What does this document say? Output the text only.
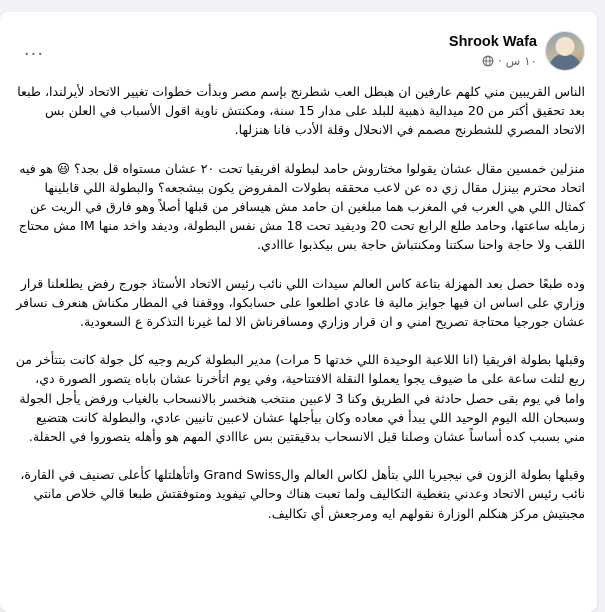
Shrook Wafa
١٠ س
·
···

الناس القريبين مني كلهم عارفين ان هبطل العب شطرنج بإسم مصر وبدأت خطوات تغيير الاتحاد لأيرلندا، طبعا بعد تحقيق أكتر من 20 ميدالية ذهبية للبلد على مدار 15 سنة، ومكنتش ناوية اقول الأسباب في العلن بس الاتحاد المصري للشطرنج مصمم في الانحلال وقلة الأدب فانا هنزلها.

منزلين خمسين مقال عشان يقولوا مختاروش حامد لبطولة افريقيا تحت ٢٠ عشان مستواه قل بجد؟ 😃 هو فيه اتحاد محترم بينزل مقال زي ده عن لاعب محققه بطولات المفروض يكون بيشجعه؟ والبطولة اللي قابلينها كمثال اللي هي العرب في المغرب هما مبلغين ان حامد مش هيسافر من قبلها أصلاً وهو فارق في الريت عن زمايله ساعتها، وحامد طلع الرابع تحت 20 وديفيد تحت 18 مش نفس البطولة، وديفد واخد منها IM مش محتاج اللقب ولا حاجة واحنا سكتنا ومكنتباش حاجة بس بيكذبوا عااادي.

وده طبعًا حصل بعد المهزلة بتاعة كاس العالم سيدات اللي نائب رئيس الاتحاد الأستاذ جورج رفض يطلعلنا قرار وزاري على اساس ان فيها جوايز مالية فا عادي اطلعوا على حسابكوا، ووقفنا في المطار مكناش هنعرف نسافر عشان جورجيا محتاجة تصريح امني و ان قرار وزاري ومسافرناش الا لما غيرنا التذكرة ع السعودية.

وقبلها بطولة افريقيا (انا اللاعبة الوحيدة اللي خدتها 5 مرات) مدير البطولة كريم وجيه كل جولة كانت بتتأخر من ربع لتلت ساعة على ما ضيوف يجوا يعملوا النقلة الافتتاحية، وفي يوم اتأخرنا عشان باباه يتصور الصورة دي، واما في يوم بقى حصل حادثة في الطريق وكنا 3 لاعبين منتخب هنخسر بالانسحاب بالغياب ورفض يأجل الجولة وسبحان الله اليوم الوحيد اللي يبدأ في معاده وكان بيأجلها عشان لاعبين تانيين عادي، والبطولة كانت هتضيع مني بسبب كده أساساً عشان وصلنا قبل الانسحاب بدقيقتين بس عااادي المهم هو وأهله يتصوروا في الحفلة.

وقبلها بطولة الزون في نيجيريا اللي بتأهل لكاس العالم والGrand Swiss واتأهلتلها كأعلى تصنيف في القارة، نائب رئيس الاتحاد وعدني بتغطية التكاليف ولما تعبت هناك وحالي تيفويد ومتوفقتش طبعا قالي خلاص مانتي مجبتيش مركز هنكلم الوزارة نقولهم ايه ومرجعش أي تكاليف.
